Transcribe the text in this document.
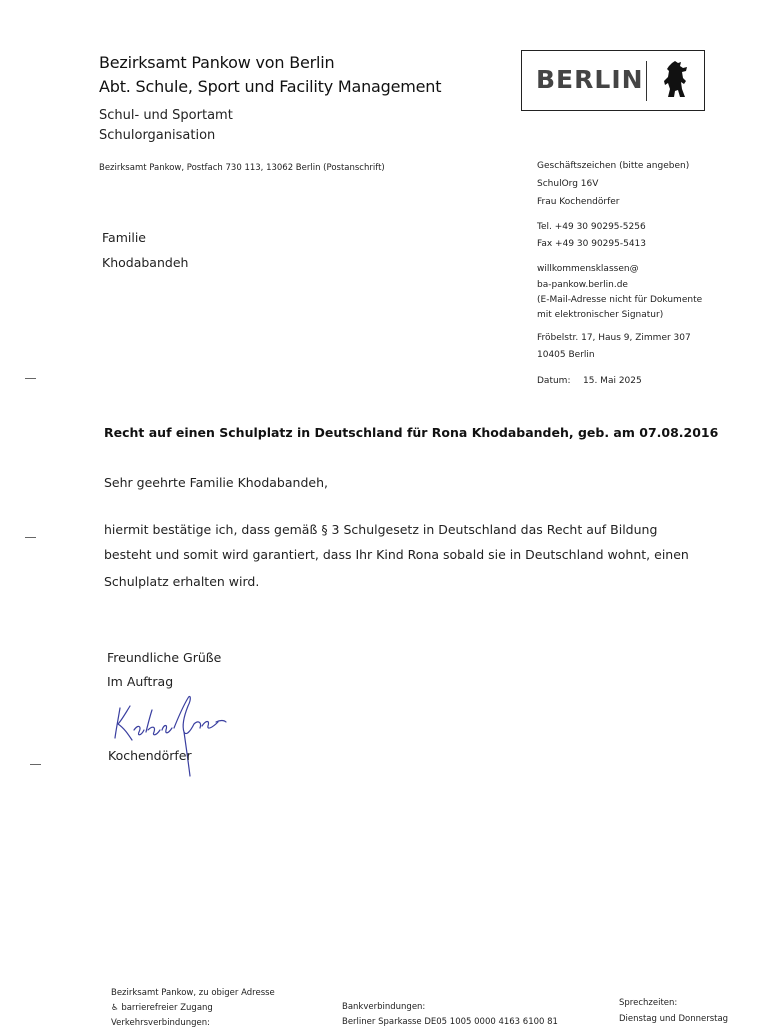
Bezirksamt Pankow von Berlin
Abt. Schule, Sport und Facility Management
Schul- und Sportamt
Schulorganisation
Bezirksamt Pankow, Postfach 730 113, 13062 Berlin (Postanschrift)
BERLIN
Familie
Khodabandeh
Geschäftszeichen (bitte angeben)
SchulOrg 16V
Frau Kochendörfer
Tel. +49 30 90295-5256
Fax +49 30 90295-5413
willkommensklassen@
ba-pankow.berlin.de
(E-Mail-Adresse nicht für Dokumente
mit elektronischer Signatur)
Fröbelstr. 17, Haus 9, Zimmer 307
10405 Berlin
Datum: 15. Mai 2025
Recht auf einen Schulplatz in Deutschland für Rona Khodabandeh, geb. am 07.08.2016
Sehr geehrte Familie Khodabandeh,
hiermit bestätige ich, dass gemäß § 3 Schulgesetz in Deutschland das Recht auf Bildung
besteht und somit wird garantiert, dass Ihr Kind Rona sobald sie in Deutschland wohnt, einen
Schulplatz erhalten wird.
Freundliche Grüße
Im Auftrag
Kochendörfer
Bezirksamt Pankow, zu obiger Adresse
♿ barrierefreier Zugang
Verkehrsverbindungen:
Bankverbindungen:
Berliner Sparkasse DE05 1005 0000 4163 6100 81
Sprechzeiten:
Dienstag und Donnerstag
